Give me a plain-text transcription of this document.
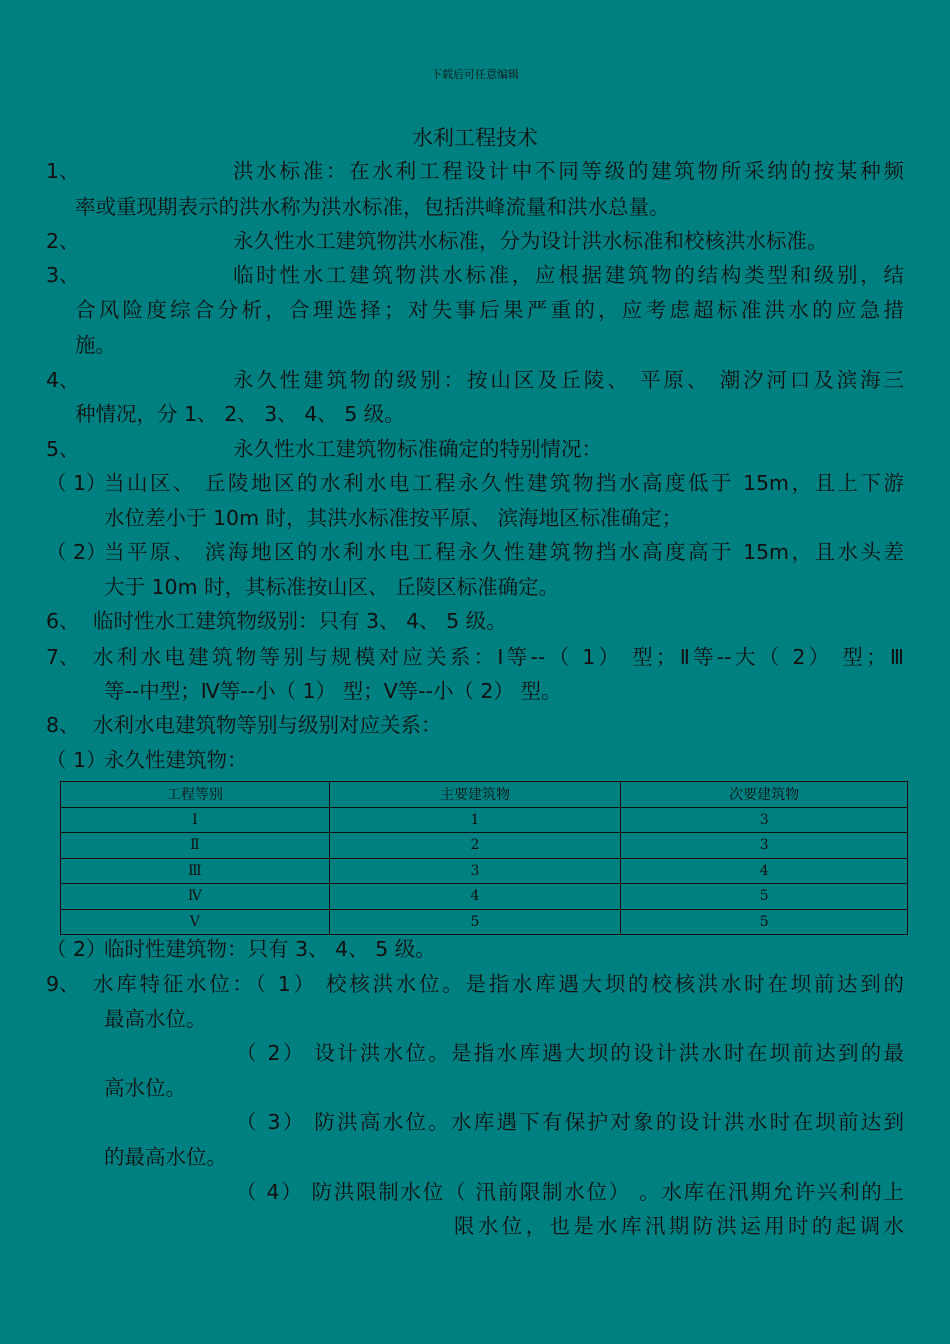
下载后可任意编辑
水利工程技术
1、	洪水标准：在水利工程设计中不同等级的建筑物所采纳的按某种频
率或重现期表示的洪水称为洪水标准，包括洪峰流量和洪水总量。
2、	永久性水工建筑物洪水标准，分为设计洪水标准和校核洪水标准。
3、	临时性水工建筑物洪水标准，应根据建筑物的结构类型和级别，结
合风险度综合分析，合理选择；对失事后果严重的，应考虑超标准洪水的应急措
施。
4、	永久性建筑物的级别：按山区及丘陵、 平原、 潮汐河口及滨海三
种情况，分 1、 2、 3、 4、 5 级。
5、	永久性水工建筑物标准确定的特别情况：
（ 1）
当山区、 丘陵地区的水利水电工程永久性建筑物挡水高度低于 15m，且上下游
水位差小于 10m 时，其洪水标准按平原、 滨海地区标准确定；
（ 2）
当平原、 滨海地区的水利水电工程永久性建筑物挡水高度高于 15m，且水头差
大于 10m 时，其标准按山区、 丘陵区标准确定。
6、 临时性水工建筑物级别：只有 3、 4、 5 级。
7、 水利水电建筑物等别与规模对应关系：Ⅰ等--（ 1） 型；Ⅱ等--大（ 2） 型；Ⅲ
等--中型；Ⅳ等--小（ 1） 型；Ⅴ等--小（ 2） 型。
8、 水利水电建筑物等别与级别对应关系：
（ 1）
永久性建筑物：
工程等别	主要建筑物	次要建筑物
Ⅰ	1	3
Ⅱ	2	3
Ⅲ	3	4
Ⅳ	4	5
Ⅴ	5	5
（ 2）
临时性建筑物：只有 3、 4、 5 级。
9、 水库特征水位：（ 1） 校核洪水位。是指水库遇大坝的校核洪水时在坝前达到的
最高水位。
（ 2） 设计洪水位。是指水库遇大坝的设计洪水时在坝前达到的最
高水位。
（ 3） 防洪高水位。水库遇下有保护对象的设计洪水时在坝前达到
的最高水位。
（ 4） 防洪限制水位（ 汛前限制水位） 。水库在汛期允许兴利的上
限水位，也是水库汛期防洪运用时的起调水
